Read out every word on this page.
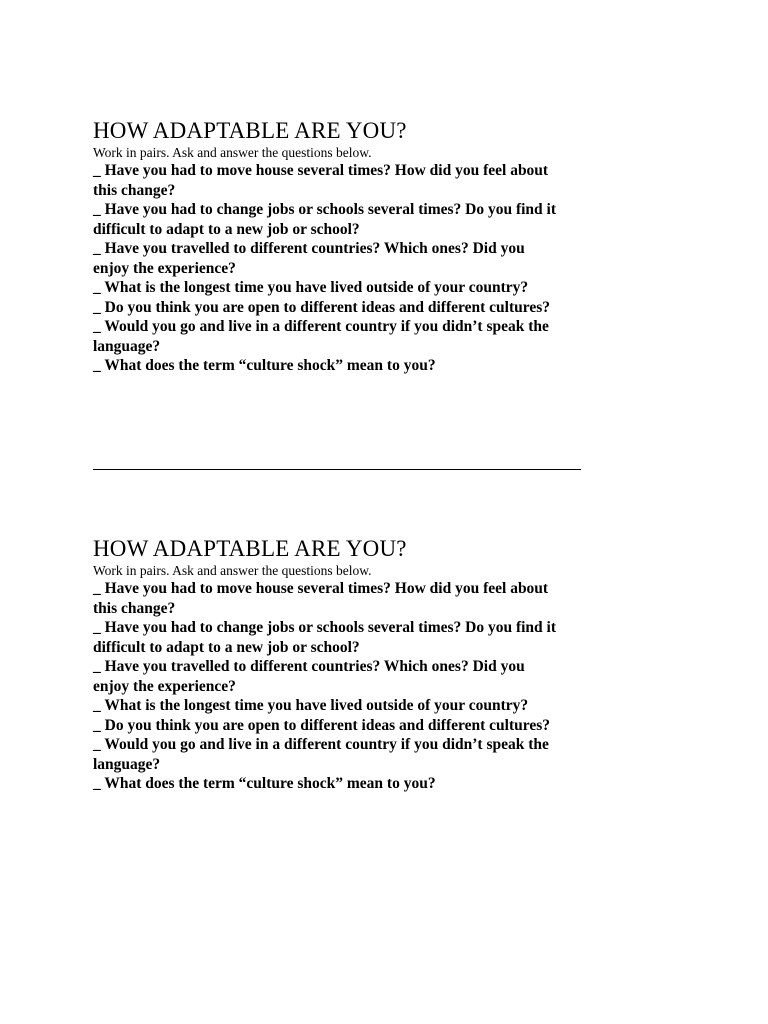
HOW ADAPTABLE ARE YOU?

Work in pairs. Ask and answer the questions below.

_ Have you had to move house several times? How did you feel about this change?

_ Have you had to change jobs or schools several times? Do you find it difficult to adapt to a new job or school?

_ Have you travelled to different countries? Which ones? Did you enjoy the experience?

_ What is the longest time you have lived outside of your country?

_ Do you think you are open to different ideas and different cultures?

_ Would you go and live in a different country if you didn’t speak the language?

_ What does the term “culture shock” mean to you?

HOW ADAPTABLE ARE YOU?

Work in pairs. Ask and answer the questions below.

_ Have you had to move house several times? How did you feel about this change?

_ Have you had to change jobs or schools several times? Do you find it difficult to adapt to a new job or school?

_ Have you travelled to different countries? Which ones? Did you enjoy the experience?

_ What is the longest time you have lived outside of your country?

_ Do you think you are open to different ideas and different cultures?

_ Would you go and live in a different country if you didn’t speak the language?

_ What does the term “culture shock” mean to you?
